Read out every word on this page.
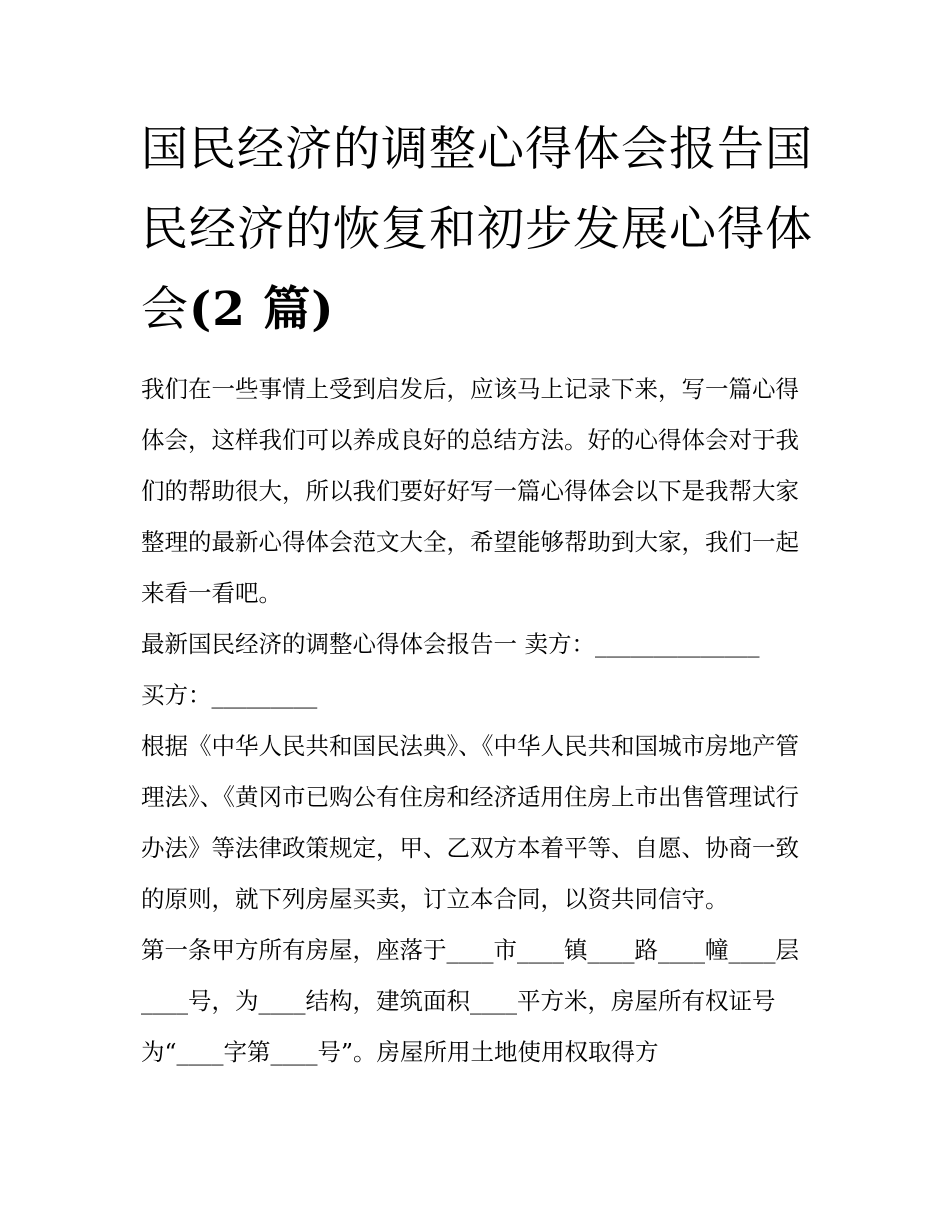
国民经济的调整心得体会报告国民经济的恢复和初步发展心得体会(2 篇)

我们在一些事情上受到启发后，应该马上记录下来，写一篇心得体会，这样我们可以养成良好的总结方法。好的心得体会对于我们的帮助很大，所以我们要好好写一篇心得体会以下是我帮大家整理的最新心得体会范文大全，希望能够帮助到大家，我们一起来看一看吧。

最新国民经济的调整心得体会报告一 卖方：______________

买方：_________

根据《中华人民共和国民法典》、《中华人民共和国城市房地产管理法》、《黄冈市已购公有住房和经济适用住房上市出售管理试行办法》等法律政策规定，甲、乙双方本着平等、自愿、协商一致的原则，就下列房屋买卖，订立本合同，以资共同信守。

第一条甲方所有房屋，座落于____市____镇____路____幢____层____号，为____结构，建筑面积____平方米，房屋所有权证号为“____字第____号”。房屋所用土地使用权取得方
